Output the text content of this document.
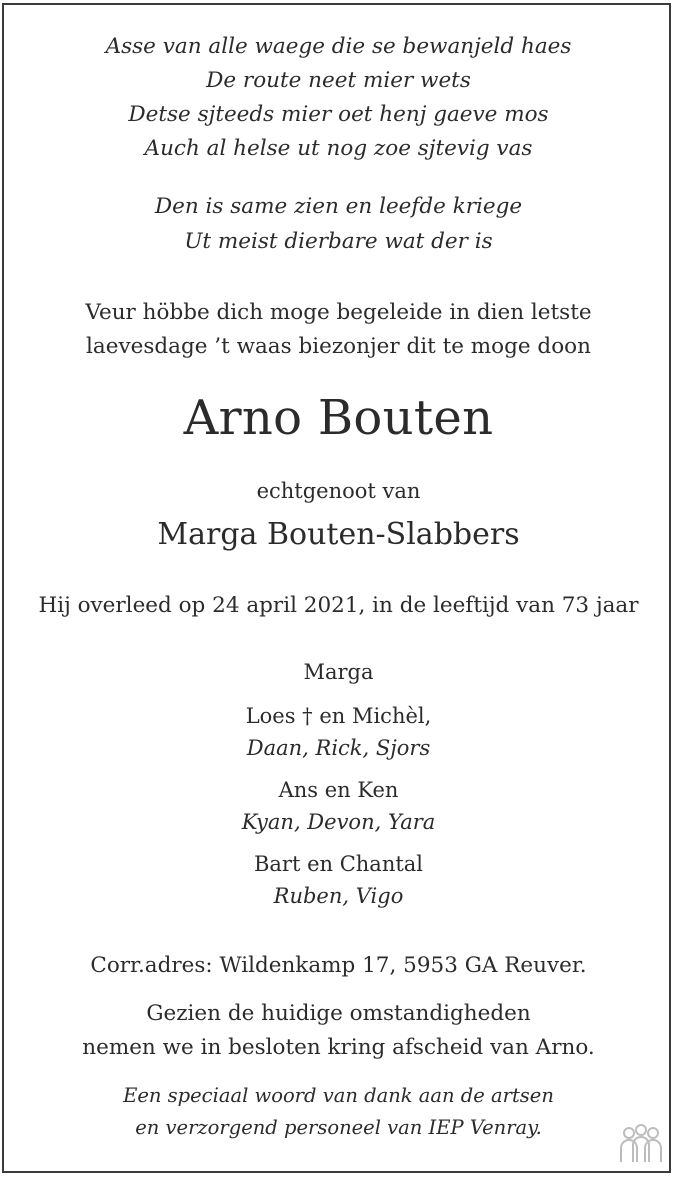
Asse van alle waege die se bewanjeld haes
De route neet mier wets
Detse sjteeds mier oet henj gaeve mos
Auch al helse ut nog zoe sjtevig vas
Den is same zien en leefde kriege
Ut meist dierbare wat der is
Veur höbbe dich moge begeleide in dien letste
laevesdage ’t waas biezonjer dit te moge doon
Arno Bouten
echtgenoot van
Marga Bouten-Slabbers
Hij overleed op 24 april 2021, in de leeftijd van 73 jaar
Marga
Loes † en Michèl,
Daan, Rick, Sjors
Ans en Ken
Kyan, Devon, Yara
Bart en Chantal
Ruben, Vigo
Corr.adres: Wildenkamp 17, 5953 GA Reuver.
Gezien de huidige omstandigheden
nemen we in besloten kring afscheid van Arno.
Een speciaal woord van dank aan de artsen
en verzorgend personeel van IEP Venray.
